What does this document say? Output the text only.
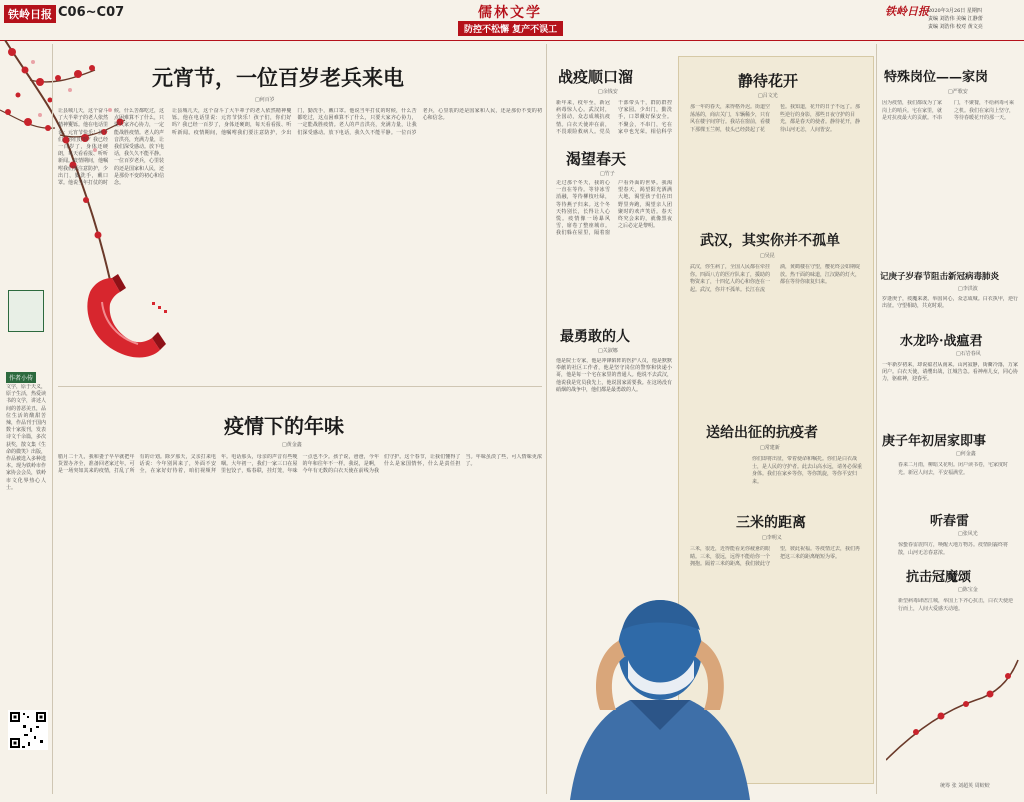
铁岭日报 C06~C07	儒林文学
防控不松懈 复产不误工
铁岭日报 2020年3月26日 星期四
责编 刘浩伟 美编 江静蕾
责编 刘浩伟 校对 黄文亮
作者小传
文学，原于天义，原子生活，热爱读书的文学，讲述人间的善恶美丑，品位生活的酸甜苦辣，作品刊于国内数十家报刊，发表诗文千余篇，多次获奖，散文集《生命的微笑》出版，作品被选入多种选本。现为铁岭市作家协会会员，铁岭市文化界热心人士。
元宵节，一位百岁老兵来电
□何百岁
让县城几天，这个奋斗了大半辈子的老人依然精神矍铄。他在电话里说：元宵节快乐！孩子们，你们好吗？我已经一百岁了，身体还硬朗，每天看看报、听听新闻。疫情期间，他嘱咐我们要注意防护，少出门，勤洗手，戴口罩。他说当年打仗的时候，什么苦都吃过，这点困难算不了什么，只要大家齐心协力，一定能战胜疫情。老人的声音洪亮，充满力量，让我们深受感动。放下电话，我久久不能平静。一位百岁老兵，心里装的还是国家和人民，还是那份不变的初心和信念。
让县城几天，这个奋斗了大半辈子的老人依然精神矍铄。他在电话里说：元宵节快乐！孩子们，你们好吗？我已经一百岁了，身体还硬朗，每天看看报、听听新闻。疫情期间，他嘱咐我们要注意防护，少出门，勤洗手，戴口罩。他说当年打仗的时候，什么苦都吃过，这点困难算不了什么，只要大家齐心协力，一定能战胜疫情。老人的声音洪亮，充满力量，让我们深受感动。放下电话，我久久不能平静。一位百岁老兵，心里装的还是国家和人民，还是那份不变的初心和信念。
疫情下的年味
□黄金鑫
腊月二十九，我和妻子早早就把年货置办齐全，准备回老家过年。可是一场突如其来的疫情，打乱了所有的计划。除夕那天，父亲打来电话说：今年别回来了，外面不安全，在家好好待着，咱们视频拜年。电话那头，母亲的声音有些哽咽。大年初一，我们一家三口在屋里包饺子，贴春联，挂灯笼，年味一点也不少。孩子说，爸爸，今年的年和往年不一样。我说，是啊，今年有无数的白衣天使在前线为我们守护。这个春节，让我们懂得了什么是家国情怀，什么是责任担当。年味虽淡了些，可人情味更浓了。
战疫顺口溜
□余钱安
新年来，疫年至，新冠病毒惊人心。武汉封，全国动，众志成城抗疫情。白衣天使冲在前，不畏艰险救病人。党员干部带头干，群防群控守家园。少出门，勤洗手，口罩戴好保安全。不聚会，不串门，宅在家中也光荣。相信科学
渴望春天
□竹子
走过那个冬天，我的心一直在等待。等待冰雪消融，等待柳枝吐绿，等待燕子归来。这个冬天特别长，长得让人心慌。疫情像一场暴风雪，席卷了整座城市。我们躲在屋里，隔着窗户看外面的世界。我渴望春天，渴望阳光洒满大地，渴望孩子们在田野里奔跑，渴望亲人团聚时的欢声笑语。春天终究会来的，就像黑夜之后必定是黎明。
最勇敢的人
□关淑娜
他是院士专家，他是冲锋陷阵的医护人员，他是默默奉献的社区工作者，他是坚守岗位的警察和快递小哥，他是每一个宅在家里的普通人。他说不去武汉，他说我是党员我先上，他说国家需要我。在这场没有硝烟的战争中，他们都是最勇敢的人。
静待花开
□吕文光
那一年的春天，来得格外迟。街道空荡荡的，商店关门，车辆稀少，只有风在楼宇间穿行。我站在窗前，看楼下那棵玉兰树，枝头已经鼓起了花苞。我知道，花开的日子不远了。那些逆行的身影，那些日夜守护的目光，都是春天的使者。静待花开，静待山河无恙，人间皆安。
武汉，其实你并不孤单
□吴昆
武汉，你生病了，全国人民都在牵挂你。四面八方的医疗队来了，援助的物资来了，十四亿人的心和你连在一起。武汉，你并不孤单。长江在流淌，黄鹤楼在守望，樱花终会如期绽放。热干面的味道，江汉路的灯火，都在等待你康复归来。
送给出征的抗疫者
□常建新
你们即将出征，带着使命和嘱托。你们是白衣战士，是人民的守护者。此去山高水远，请务必保重身体。我们在家乡等你，等你凯旋，等你平安归来。
三米的距离
□李明义
三米，很近，近得能看见你疲惫的眼睛。三米，很远，远得不能给你一个拥抱。隔着三米的距离，我们彼此守望，彼此祝福。等疫情过去，我们再把这三米的距离缩短为零。
特殊岗位——家岗
□严歌安
因为疫情，我们都成为了家岗上的哨兵。宅在家里，就是对抗疫最大的贡献。不串门，不聚餐，不给病毒可乘之机。我们在家岗上坚守，等待春暖花开的那一天。
记庚子岁春节阻击新冠病毒肺炎
□李洪波
岁逢庚子，疫魔来袭。举国同心，众志成城。白衣执甲，逆行出征。守望相助，共克时艰。
水龙吟·战瘟君
□石岩春风
一年新岁初来，却说瘟君从南来。山河寂静，街衢冷落，万家闭户。白衣天使，请缨出战，江城告急。看神州儿女，同心协力，驱瘟神，迎春至。
庚子年初居家即事
□何金鑫
春来二月雨，柳暗又花明。闭户读书卷，宅家度时光。新冠人间去，平安福满堂。
听春雷
□张风光
惊蛰春雷震四方，唤醒大地万物苏。疫情阴霾终将散，山河无恙春意浓。
抗击冠魔颂
□陈宝金
新型病毒肆虐江城，举国上下齐心抗击，白衣天使逆行而上，人间大爱感天动地。
统筹 张 刘超英 周蛟蛟
